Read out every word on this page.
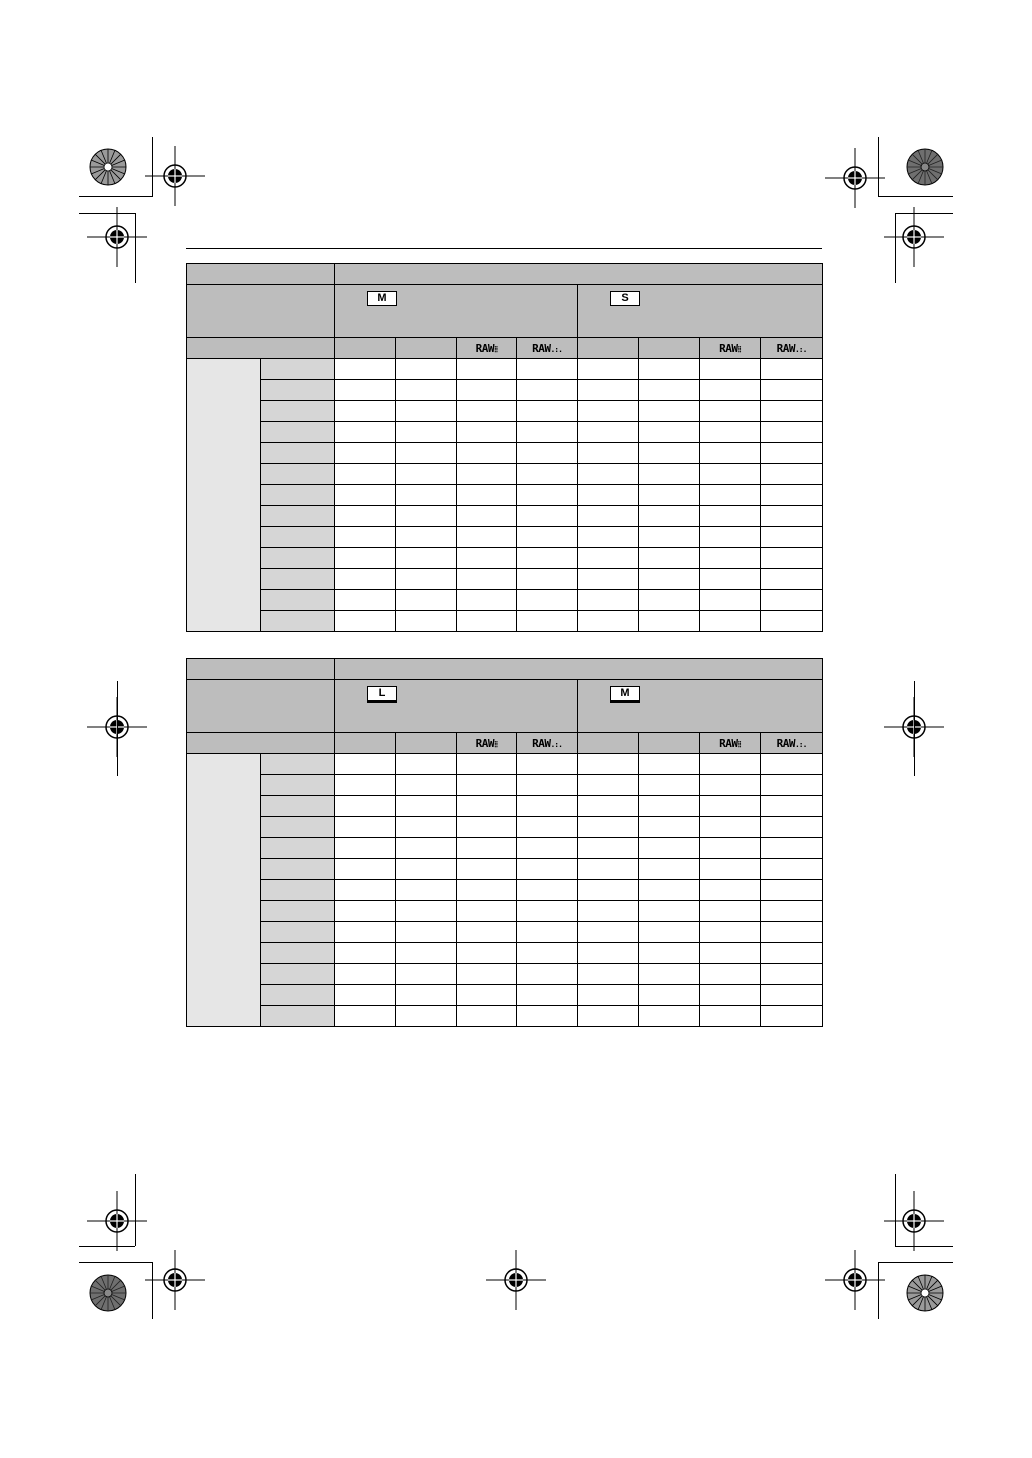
		M				S			
				RAW⁞⁞	RAW.:.			RAW⁞⁞	RAW.:.

		L				M			
				RAW⁞⁞	RAW.:.			RAW⁞⁞	RAW.:.
